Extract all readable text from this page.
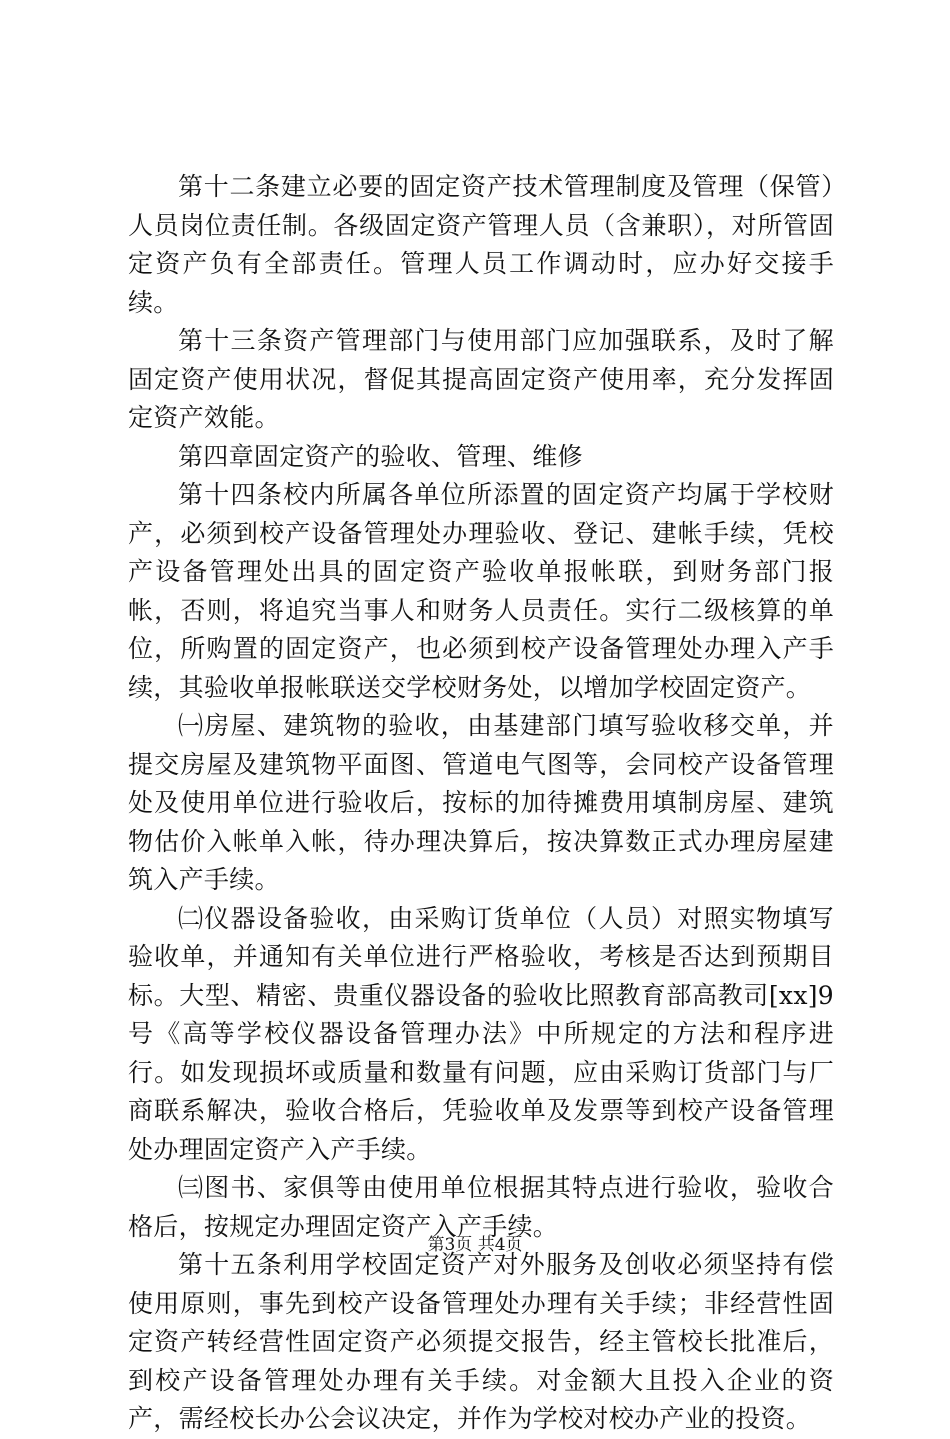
第十二条建立必要的固定资产技术管理制度及管理（保管）人员岗位责任制。各级固定资产管理人员（含兼职），对所管固定资产负有全部责任。管理人员工作调动时，应办好交接手续。

第十三条资产管理部门与使用部门应加强联系，及时了解固定资产使用状况，督促其提高固定资产使用率，充分发挥固定资产效能。

第四章固定资产的验收、管理、维修

第十四条校内所属各单位所添置的固定资产均属于学校财产，必须到校产设备管理处办理验收、登记、建帐手续，凭校产设备管理处出具的固定资产验收单报帐联，到财务部门报帐，否则，将追究当事人和财务人员责任。实行二级核算的单位，所购置的固定资产，也必须到校产设备管理处办理入产手续，其验收单报帐联送交学校财务处，以增加学校固定资产。

㈠房屋、建筑物的验收，由基建部门填写验收移交单，并提交房屋及建筑物平面图、管道电气图等，会同校产设备管理处及使用单位进行验收后，按标的加待摊费用填制房屋、建筑物估价入帐单入帐，待办理决算后，按决算数正式办理房屋建筑入产手续。

㈡仪器设备验收，由采购订货单位（人员）对照实物填写验收单，并通知有关单位进行严格验收，考核是否达到预期目标。大型、精密、贵重仪器设备的验收比照教育部高教司[xx]9号《高等学校仪器设备管理办法》中所规定的方法和程序进行。如发现损坏或质量和数量有问题，应由采购订货部门与厂商联系解决，验收合格后，凭验收单及发票等到校产设备管理处办理固定资产入产手续。

㈢图书、家俱等由使用单位根据其特点进行验收，验收合格后，按规定办理固定资产入产手续。

第十五条利用学校固定资产对外服务及创收必须坚持有偿使用原则，事先到校产设备管理处办理有关手续；非经营性固定资产转经营性固定资产必须提交报告，经主管校长批准后，到校产设备管理处办理有关手续。对金额大且投入企业的资产，需经校长办公会议决定，并作为学校对校办产业的投资。

第3页 共4页
